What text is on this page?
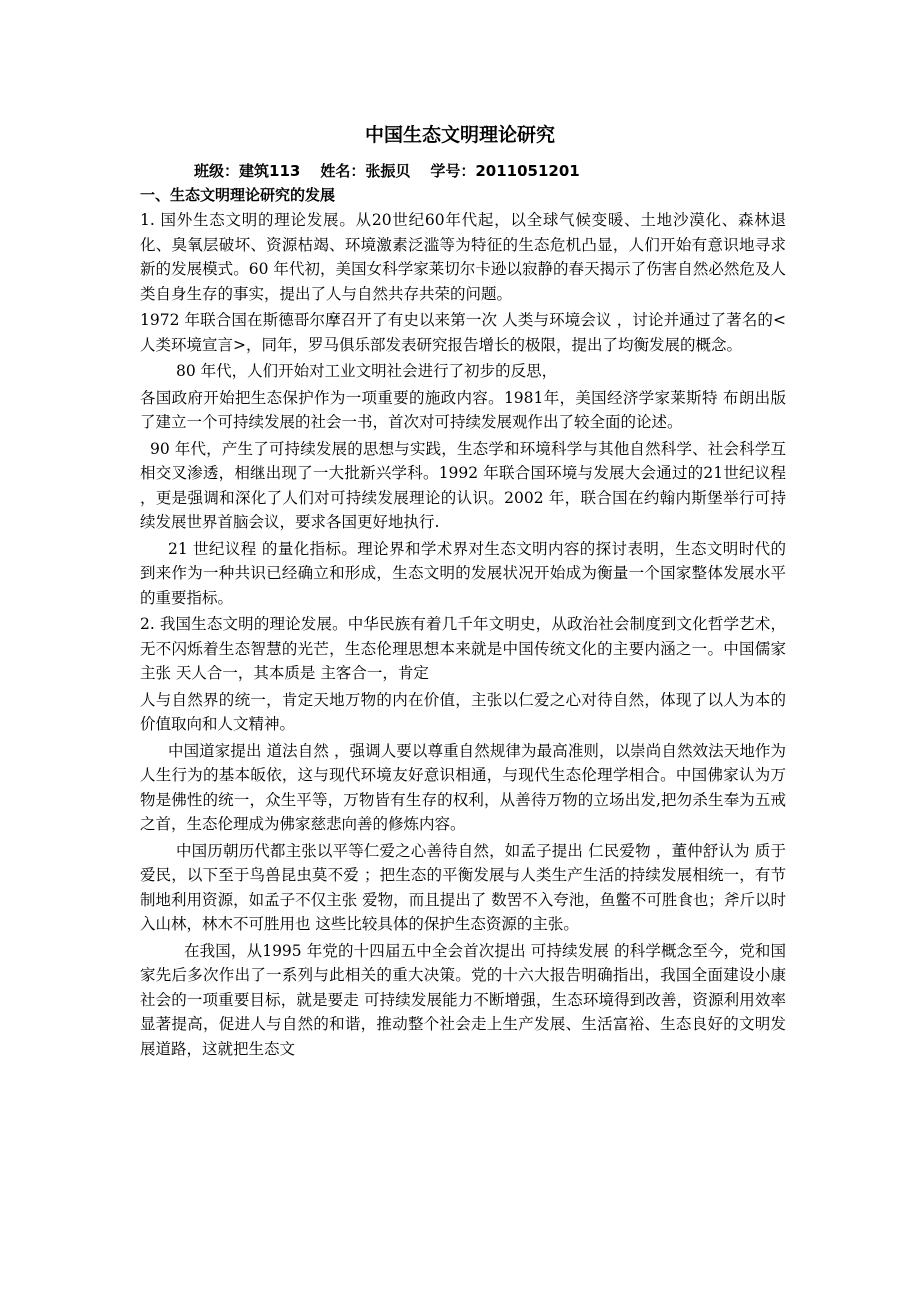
中国生态文明理论研究
班级：建筑113 姓名：张振贝 学号：2011051201
一、生态文明理论研究的发展

1. 国外生态文明的理论发展。从20世纪60年代起，以全球气候变暖、土地沙漠化、森林退化、臭氧层破坏、资源枯竭、环境激素泛滥等为特征的生态危机凸显，人们开始有意识地寻求新的发展模式。60 年代初，美国女科学家莱切尔卡逊以寂静的春天揭示了伤害自然必然危及人类自身生存的事实，提出了人与自然共存共荣的问题。

1972 年联合国在斯德哥尔摩召开了有史以来第一次 人类与环境会议 ，讨论并通过了著名的<人类环境宣言>，同年，罗马俱乐部发表研究报告增长的极限，提出了均衡发展的概念。

80 年代，人们开始对工业文明社会进行了初步的反思，

各国政府开始把生态保护作为一项重要的施政内容。1981年，美国经济学家莱斯特 布朗出版了建立一个可持续发展的社会一书，首次对可持续发展观作出了较全面的论述。

90 年代，产生了可持续发展的思想与实践，生态学和环境科学与其他自然科学、社会科学互相交叉渗透，相继出现了一大批新兴学科。1992 年联合国环境与发展大会通过的21世纪议程 ，更是强调和深化了人们对可持续发展理论的认识。2002 年，联合国在约翰内斯堡举行可持续发展世界首脑会议，要求各国更好地执行.

21 世纪议程 的量化指标。理论界和学术界对生态文明内容的探讨表明，生态文明时代的到来作为一种共识已经确立和形成，生态文明的发展状况开始成为衡量一个国家整体发展水平的重要指标。

2. 我国生态文明的理论发展。中华民族有着几千年文明史，从政治社会制度到文化哲学艺术，无不闪烁着生态智慧的光芒，生态伦理思想本来就是中国传统文化的主要内涵之一。中国儒家主张 天人合一，其本质是 主客合一，肯定

人与自然界的统一，肯定天地万物的内在价值，主张以仁爱之心对待自然，体现了以人为本的价值取向和人文精神。

中国道家提出 道法自然 ，强调人要以尊重自然规律为最高准则，以崇尚自然效法天地作为人生行为的基本皈依，这与现代环境友好意识相通，与现代生态伦理学相合。中国佛家认为万物是佛性的统一，众生平等，万物皆有生存的权利，从善待万物的立场出发,把勿杀生奉为五戒之首，生态伦理成为佛家慈悲向善的修炼内容。

中国历朝历代都主张以平等仁爱之心善待自然，如孟子提出 仁民爱物 ，董仲舒认为 质于爱民，以下至于鸟兽昆虫莫不爱 ；把生态的平衡发展与人类生产生活的持续发展相统一，有节制地利用资源，如孟子不仅主张 爱物，而且提出了 数罟不入夸池，鱼鳖不可胜食也；斧斤以时入山林，林木不可胜用也 这些比较具体的保护生态资源的主张。

在我国，从1995 年党的十四届五中全会首次提出 可持续发展 的科学概念至今，党和国家先后多次作出了一系列与此相关的重大决策。党的十六大报告明确指出，我国全面建设小康社会的一项重要目标，就是要走 可持续发展能力不断增强，生态环境得到改善，资源利用效率显著提高，促进人与自然的和谐，推动整个社会走上生产发展、生活富裕、生态良好的文明发展道路，这就把生态文
